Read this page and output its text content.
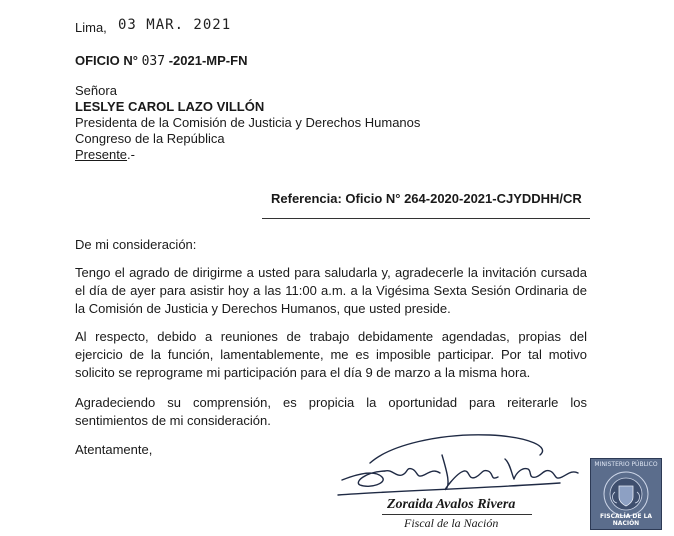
Lima, 03 MAR. 2021
OFICIO N° 037 -2021-MP-FN
Señora
LESLYE CAROL LAZO VILLÓN
Presidenta de la Comisión de Justicia y Derechos Humanos
Congreso de la República
Presente.-
Referencia: Oficio N° 264-2020-2021-CJYDDHH/CR
De mi consideración:
Tengo el agrado de dirigirme a usted para saludarla y, agradecerle la invitación cursada el día de ayer para asistir hoy a las 11:00 a.m. a la Vigésima Sexta Sesión Ordinaria de la Comisión de Justicia y Derechos Humanos, que usted preside.
Al respecto, debido a reuniones de trabajo debidamente agendadas, propias del ejercicio de la función, lamentablemente, me es imposible participar. Por tal motivo solicito se reprograme mi participación para el día 9 de marzo a la misma hora.
Agradeciendo su comprensión, es propicia la oportunidad para reiterarle los sentimientos de mi consideración.
Atentamente,
Zoraida Avalos Rivera
Fiscal de la Nación
MINISTERIO PÚBLICO
FISCALÍA DE LA NACIÓN
